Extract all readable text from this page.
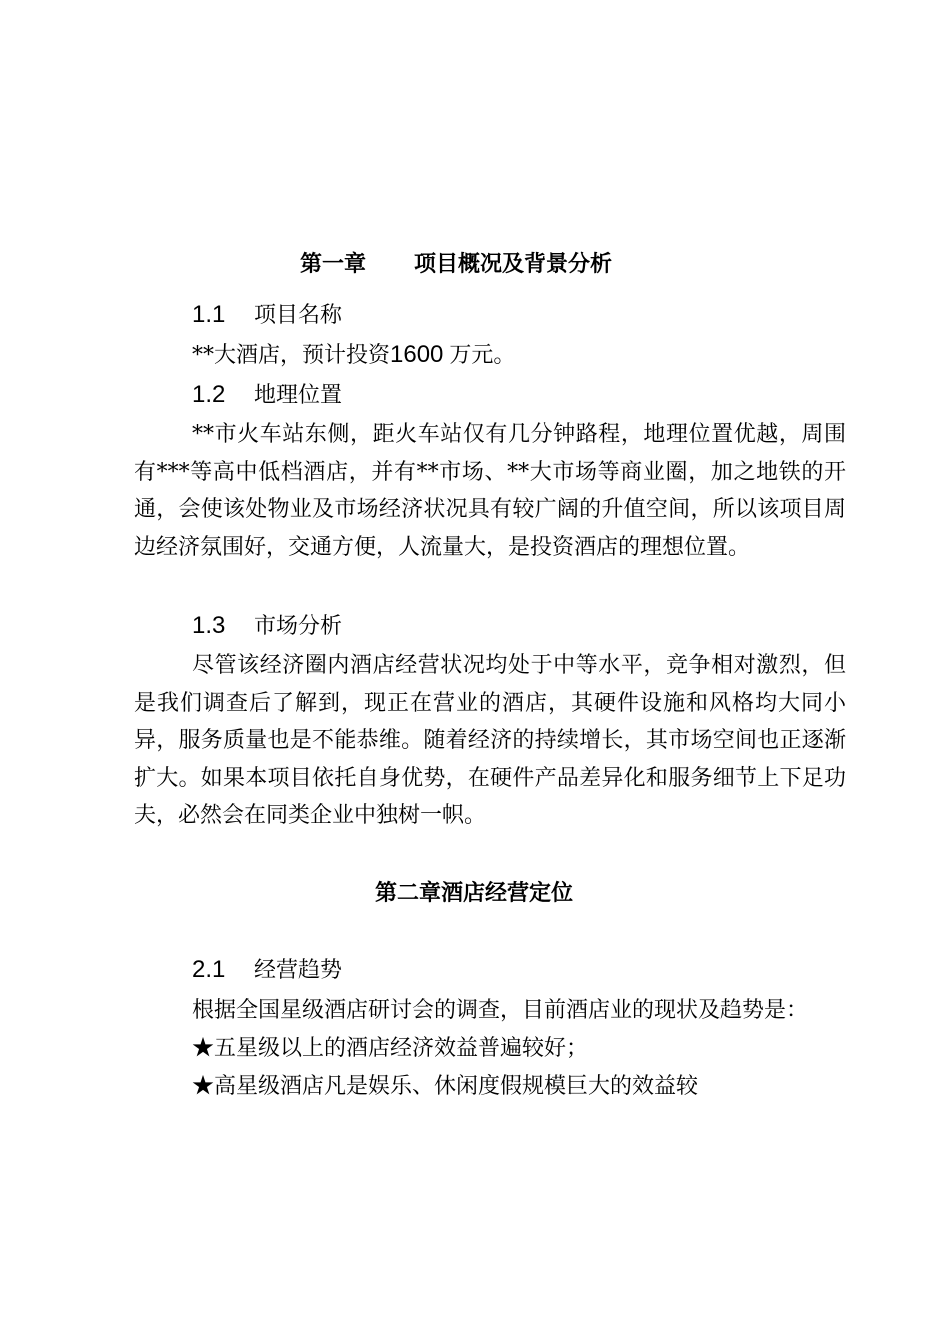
第一章 项目概况及背景分析
1.1 项目名称
**大酒店，预计投资1600 万元。
1.2 地理位置

**市火车站东侧，距火车站仅有几分钟路程，地理位置优越，周围有***等高中低档酒店，并有**市场、**大市场等商业圈，加之地铁的开通，会使该处物业及市场经济状况具有较广阔的升值空间，所以该项目周边经济氛围好，交通方便，人流量大，是投资酒店的理想位置。

1.3 市场分析

尽管该经济圈内酒店经营状况均处于中等水平，竞争相对激烈，但是我们调查后了解到，现正在营业的酒店，其硬件设施和风格均大同小异，服务质量也是不能恭维。随着经济的持续增长，其市场空间也正逐渐扩大。如果本项目依托自身优势，在硬件产品差异化和服务细节上下足功夫，必然会在同类企业中独树一帜。

第二章酒店经营定位
2.1 经营趋势
根据全国星级酒店研讨会的调查，目前酒店业的现状及趋势是：
★五星级以上的酒店经济效益普遍较好；
★高星级酒店凡是娱乐、休闲度假规模巨大的效益较
